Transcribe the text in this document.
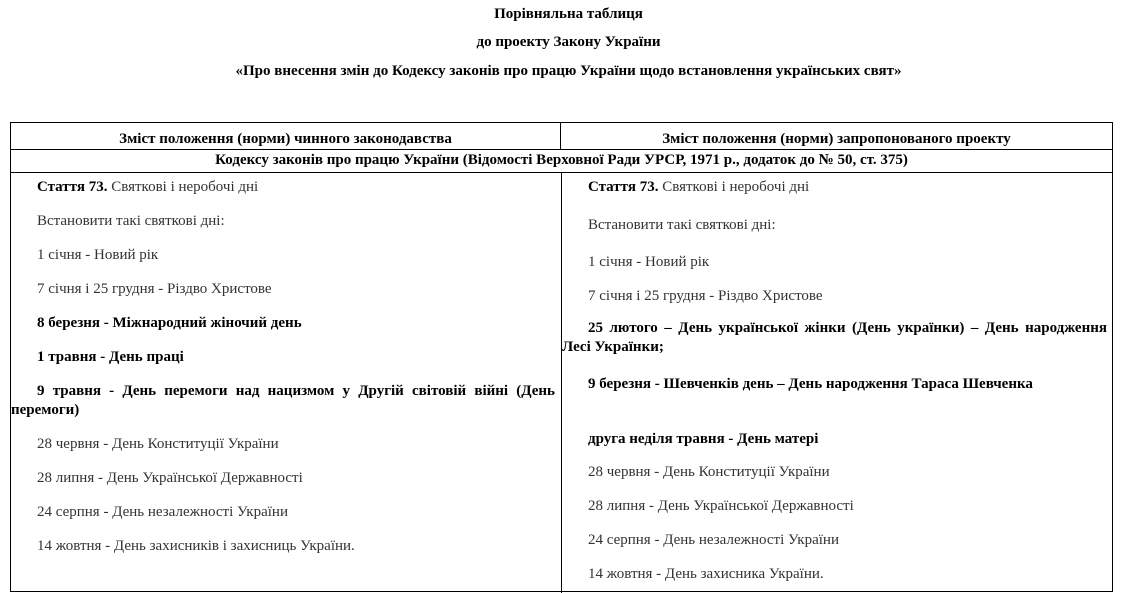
Порівняльна таблиця
до проекту Закону України
«Про внесення змін до Кодексу законів про працю України щодо встановлення українських свят»
Зміст положення (норми) чинного законодавства	Зміст положення (норми) запропонованого проекту
Кодексу законів про працю України (Відомості Верховної Ради УРСР, 1971 р., додаток до № 50, ст. 375)
Стаття 73. Святкові і неробочі дні
Встановити такі святкові дні:
1 січня - Новий рік
7 січня і 25 грудня - Різдво Христове
8 березня - Міжнародний жіночий день
1 травня - День праці
9 травня - День перемоги над нацизмом у Другій світовій війні (День перемоги)
28 червня - День Конституції України
28 липня - День Української Державності
24 серпня - День незалежності України
14 жовтня - День захисників і захисниць України.
Стаття 73. Святкові і неробочі дні
Встановити такі святкові дні:
1 січня - Новий рік
7 січня і 25 грудня - Різдво Христове
25 лютого – День української жінки (День українки) – День народження Лесі Українки;
9 березня - Шевченків день – День народження Тараса Шевченка
друга неділя травня - День матері
28 червня - День Конституції України
28 липня - День Української Державності
24 серпня - День незалежності України
14 жовтня - День захисника України.
